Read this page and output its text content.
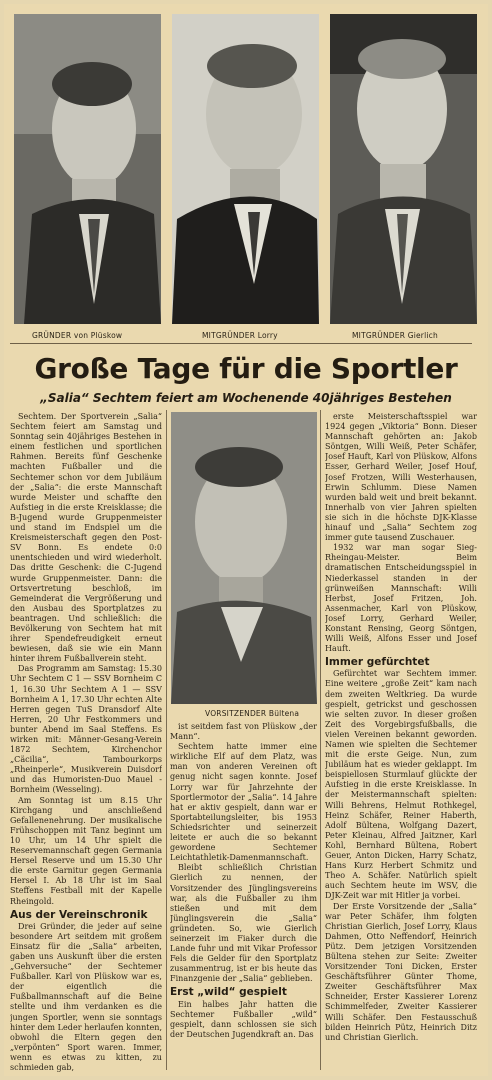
GRÜNDER von Plüskow	MITGRÜNDER Lorry	MITGRÜNDER Gierlich
Große Tage für die Sportler
„Salia“ Sechtem feiert am Wochenende 40jähriges Bestehen
VORSITZENDER Bültena

Sechtem. Der Sportverein „Salia“ Sechtem feiert am Samstag und Sonntag sein 40jähriges Bestehen in einem festlichen und sportlichen Rahmen. Bereits fünf Geschenke machten Fußballer und die Sechtemer schon vor dem Jubiläum der „Salia“: die erste Mannschaft wurde Meister und schaffte den Aufstieg in die erste Kreisklasse; die B-Jugend wurde Gruppenmeister und stand im Endspiel um die Kreismeisterschaft gegen den Post-SV Bonn. Es endete 0:0 unentschieden und wird wiederholt. Das dritte Geschenk: die C-Jugend wurde Gruppenmeister. Dann: die Ortsvertretung beschloß, im Gemeinderat die Vergrößerung und den Ausbau des Sportplatzes zu beantragen. Und schließlich: die Bevölkerung von Sechtem hat mit ihrer Spendefreudigkeit erneut bewiesen, daß sie wie ein Mann hinter ihrem Fußballverein steht.

Das Programm am Samstag: 15.30 Uhr Sechtem C 1 — SSV Bornheim C 1, 16.30 Uhr Sechtem A 1 — SSV Bornheim A 1, 17.30 Uhr echten Alte Herren gegen TuS Dransdorf Alte Herren, 20 Uhr Festkommers und bunter Abend im Saal Steffens. Es wirken mit: Männer-Gesang-Verein 1872 Sechtem, Kirchenchor „Cäcilia“, Tambourkorps „Rheinperle“, Musikverein Duisdorf und das Humoristen-Duo Mauel - Bornheim (Wesseling).

Am Sonntag ist um 8.15 Uhr Kirchgang und anschließend Gefallenenehrung. Der musikalische Frühschoppen mit Tanz beginnt um 10 Uhr, um 14 Uhr spielt die Reservemannschaft gegen Germania Hersel Reserve und um 15.30 Uhr die erste Garnitur gegen Germania Hersel I. Ab 18 Uhr ist im Saal Steffens Festball mit der Kapelle Rheingold.

Aus der Vereinschronik

Drei Gründer, die jeder auf seine besondere Art seitdem mit großem Einsatz für die „Salia“ arbeiten, gaben uns Auskunft über die ersten „Gehversuche“ der Sechtemer Fußballer. Karl von Plüskow war es, der eigentlich die Fußballmannschaft auf die Beine stellte und ihm verdanken es die jungen Sportler, wenn sie sonntags hinter dem Leder herlaufen konnten, obwohl die Eltern gegen den „verpönten“ Sport waren. Immer, wenn es etwas zu kitten, zu schmieden gab,

ist seitdem fast von Plüskow „der Mann“.

Sechtem hatte immer eine wirkliche Elf auf dem Platz, was man von anderen Vereinen oft genug nicht sagen konnte. Josef Lorry war für Jahrzehnte der Sportlermotor der „Salia“. 14 Jahre hat er aktiv gespielt, dann war er Sportabteilungsleiter, bis 1953 Schiedsrichter und seinerzeit leitete er auch die so bekannt gewordene Sechtemer Leichtathletik-Damenmannschaft.

Bleibt schließlich Christian Gierlich zu nennen, der Vorsitzender des Jünglingsvereins war, als die Fußballer zu ihm stießen und mit dem Jünglingsverein die „Salia“ gründeten. So, wie Gierlich seinerzeit im Fiaker durch die Lande fuhr und mit Vikar Professor Fels die Gelder für den Sportplatz zusammentrug, ist er bis heute das Finanzgenie der „Salia“ geblieben.

Erst „wild“ gespielt

Ein halbes Jahr hatten die Sechtemer Fußballer „wild“ gespielt, dann schlossen sie sich der Deutschen Jugendkraft an. Das

erste Meisterschaftsspiel war 1924 gegen „Viktoria“ Bonn. Dieser Mannschaft gehörten an: Jakob Söntgen, Willi Weiß, Peter Schäfer, Josef Hauft, Karl von Plüskow, Alfons Esser, Gerhard Weiler, Josef Houf, Josef Frotzen, Willi Westerhausen, Erwin Schlumm. Diese Namen wurden bald weit und breit bekannt. Innerhalb von vier Jahren spielten sie sich in die höchste DJK-Klasse hinauf und „Salia“ Sechtem zog immer gute tausend Zuschauer.

1932 war man sogar Sieg-Rheingau-Meister. Beim dramatischen Entscheidungsspiel in Niederkassel standen in der grünweißen Mannschaft: Willi Herbst, Josef Fritzen, Joh. Assenmacher, Karl von Plüskow, Josef Lorry, Gerhard Weiler, Konstant Rensing, Georg Söntgen, Willi Weiß, Alfons Esser und Josef Hauft.

Immer gefürchtet

Gefürchtet war Sechtem immer. Eine weitere „große Zeit“ kam nach dem zweiten Weltkrieg. Da wurde gespielt, getrickst und geschossen wie selten zuvor. In dieser großen Zeit des Vorgebirgsfußballs, die vielen Vereinen bekannt geworden. Namen wie spielten die Sechtemer mit die erste Geige. Nun, zum Jubiläum hat es wieder geklappt. Im beispiellosen Sturmlauf glückte der Aufstieg in die erste Kreisklasse. In der Meistermannschaft spielten: Willi Behrens, Helmut Rothkegel, Heinz Schäfer, Reiner Haberth, Adolf Bültena, Wolfgang Dazert, Peter Kleinau, Alfred Jaitzner, Karl Kohl, Bernhard Bültena, Robert Geuer, Anton Dicken, Harry Schatz, Hans Kurz Herbert Schmitz und Theo A. Schäfer. Natürlich spielt auch Sechtem heute im WSV, die DJK-Zeit war mit Hitler ja vorbei.

Der Erste Vorsitzende der „Salia“ war Peter Schäfer, ihm folgten Christian Gierlich, Josef Lorry, Klaus Dahmen, Otto Neffendorf, Heinrich Pütz. Dem jetzigen Vorsitzenden Bültena stehen zur Seite: Zweiter Vorsitzender Toni Dicken, Erster Geschäftsführer Günter Thome, Zweiter Geschäftsführer Max Schneider, Erster Kassierer Lorenz Schimmelfeder, Zweiter Kassierer Willi Schäfer. Den Festausschuß bilden Heinrich Pütz, Heinrich Ditz und Christian Gierlich.
